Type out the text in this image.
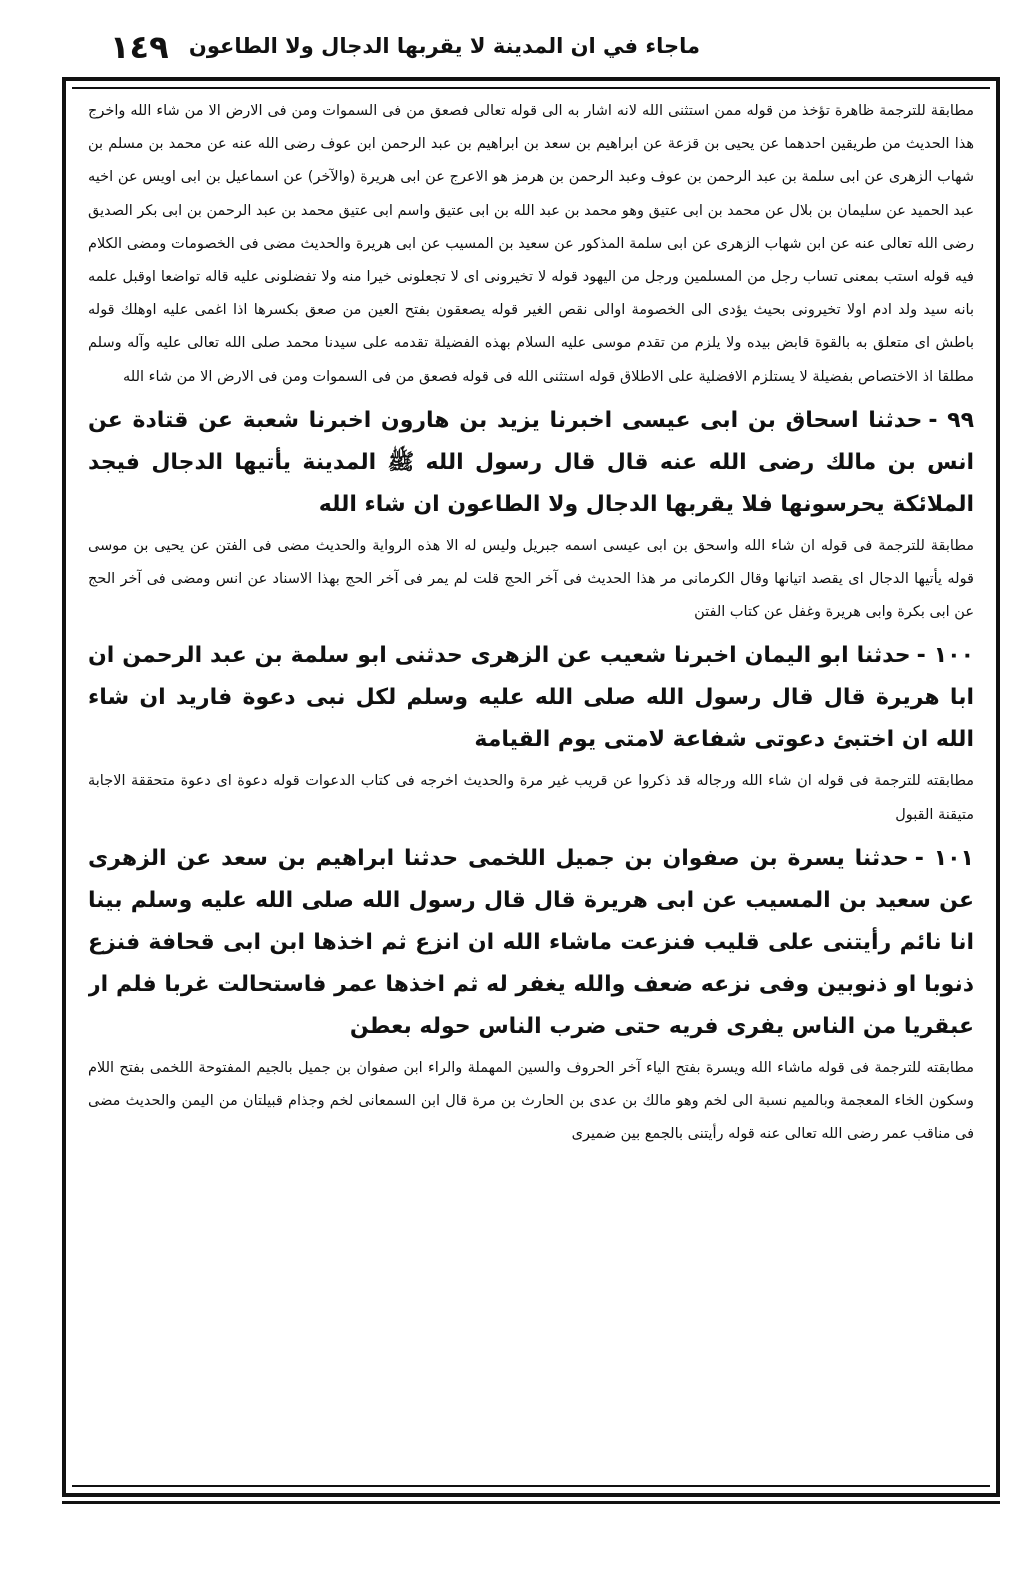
١٤٩ ماجاء في ان المدينة لا يقربها الدجال ولا الطاعون

مطابقة للترجمة ظاهرة تؤخذ من قوله ممن استثنى الله لانه اشار به الى قوله تعالى فصعق من فى السموات ومن فى الارض الا من شاء الله واخرج هذا الحديث من طريقين احدهما عن يحيى بن قزعة عن ابراهيم بن سعد بن ابراهيم بن عبد الرحمن ابن عوف رضى الله عنه عن محمد بن مسلم بن شهاب الزهرى عن ابى سلمة بن عبد الرحمن بن عوف وعبد الرحمن بن هرمز هو الاعرج عن ابى هريرة (والآخر) عن اسماعيل بن ابى اويس عن اخيه عبد الحميد عن سليمان بن بلال عن محمد بن ابى عتيق وهو محمد بن عبد الله بن ابى عتيق واسم ابى عتيق محمد بن عبد الرحمن بن ابى بكر الصديق رضى الله تعالى عنه عن ابن شهاب الزهرى عن ابى سلمة المذكور عن سعيد بن المسيب عن ابى هريرة والحديث مضى فى الخصومات ومضى الكلام فيه قوله استب بمعنى تساب رجل من المسلمين ورجل من اليهود قوله لا تخيرونى اى لا تجعلونى خيرا منه ولا تفضلونى عليه قاله تواضعا اوقبل علمه بانه سيد ولد ادم اولا تخيرونى بحيث يؤدى الى الخصومة اوالى نقص الغير قوله يصعقون بفتح العين من صعق بكسرها اذا اغمى عليه اوهلك قوله باطش اى متعلق به بالقوة قابض بيده ولا يلزم من تقدم موسى عليه السلام بهذه الفضيلة تقدمه على سيدنا محمد صلى الله تعالى عليه وآله وسلم مطلقا اذ الاختصاص بفضيلة لا يستلزم الافضلية على الاطلاق قوله استثنى الله فى قوله فصعق من فى السموات ومن فى الارض الا من شاء الله

٩٩ -حدثنا اسحاق بن ابى عيسى اخبرنا يزيد بن هارون اخبرنا شعبة عن قتادة عن انس بن مالك رضى الله عنه قال قال رسول الله ﷺ المدينة يأتيها الدجال فيجد الملائكة يحرسونها فلا يقربها الدجال ولا الطاعون ان شاء الله

مطابقة للترجمة فى قوله ان شاء الله واسحق بن ابى عيسى اسمه جبريل وليس له الا هذه الرواية والحديث مضى فى الفتن عن يحيى بن موسى قوله يأتيها الدجال اى يقصد اتيانها وقال الكرمانى مر هذا الحديث فى آخر الحج قلت لم يمر فى آخر الحج بهذا الاسناد عن انس ومضى فى آخر الحج عن ابى بكرة وابى هريرة وغفل عن كتاب الفتن

١٠٠ -حدثنا ابو اليمان اخبرنا شعيب عن الزهرى حدثنى ابو سلمة بن عبد الرحمن ان ابا هريرة قال قال رسول الله صلى الله عليه وسلم لكل نبى دعوة فاريد ان شاء الله ان اختبئ دعوتى شفاعة لامتى يوم القيامة

مطابقته للترجمة فى قوله ان شاء الله ورجاله قد ذكروا عن قريب غير مرة والحديث اخرجه فى كتاب الدعوات قوله دعوة اى دعوة متحققة الاجابة متيقنة القبول

١٠١ -حدثنا يسرة بن صفوان بن جميل اللخمى حدثنا ابراهيم بن سعد عن الزهرى عن سعيد بن المسيب عن ابى هريرة قال قال رسول الله صلى الله عليه وسلم بينا انا نائم رأيتنى على قليب فنزعت ماشاء الله ان انزع ثم اخذها ابن ابى قحافة فنزع ذنوبا او ذنوبين وفى نزعه ضعف والله يغفر له ثم اخذها عمر فاستحالت غربا فلم ار عبقريا من الناس يفرى فريه حتى ضرب الناس حوله بعطن

مطابقته للترجمة فى قوله ماشاء الله ويسرة بفتح الياء آخر الحروف والسين المهملة والراء ابن صفوان بن جميل بالجيم المفتوحة اللخمى بفتح اللام وسكون الخاء المعجمة وبالميم نسبة الى لخم وهو مالك بن عدى بن الحارث بن مرة قال ابن السمعانى لخم وجذام قبيلتان من اليمن والحديث مضى فى مناقب عمر رضى الله تعالى عنه قوله رأيتنى بالجمع بين ضميرى
